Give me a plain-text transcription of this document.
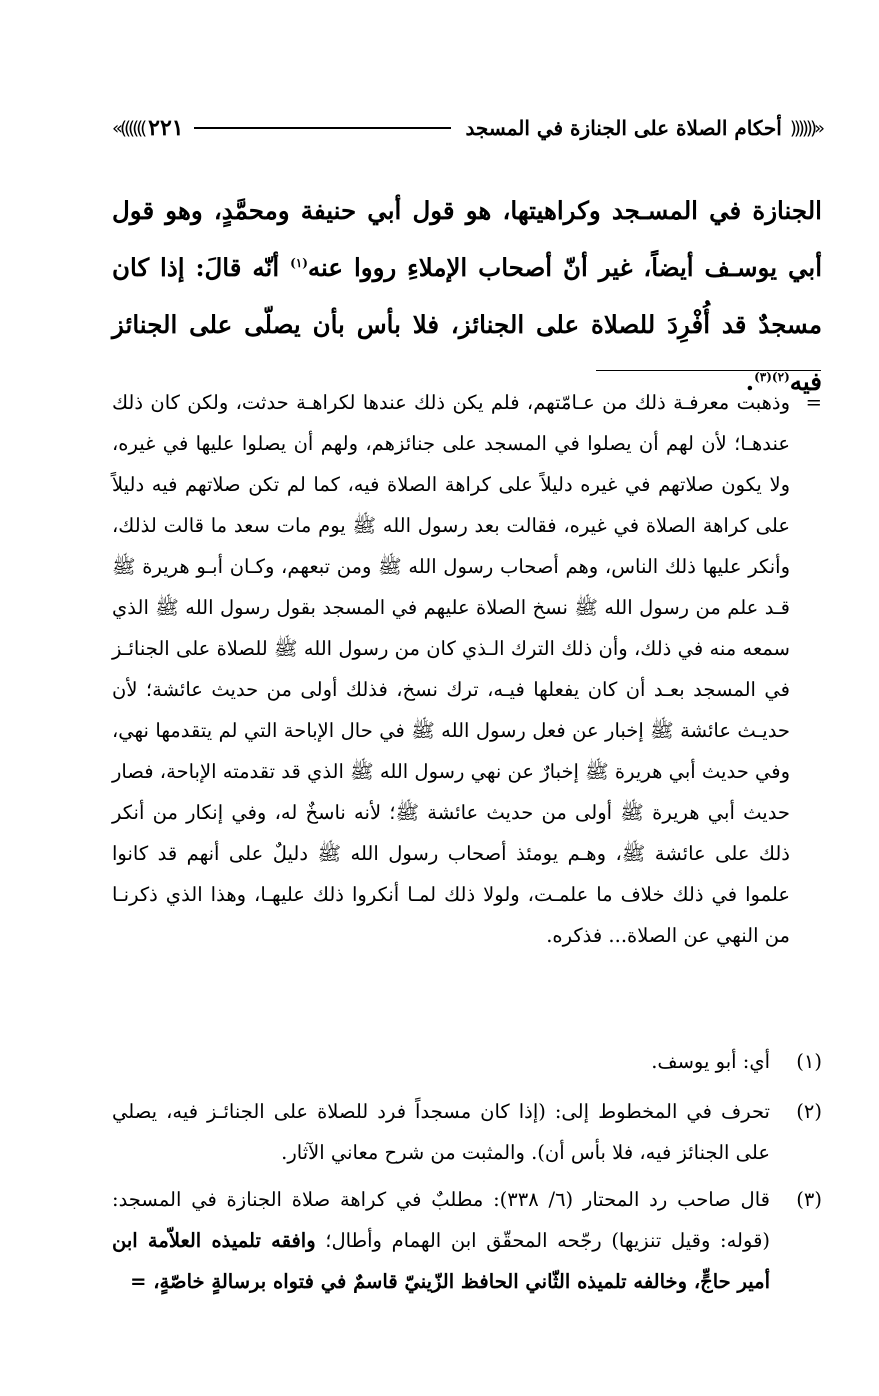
«((((((
أحكام الصلاة على الجنازة في المسجد
٢٢١
))))))»
الجنازة في المسـجد وكراهيتها، هو قول أبي حنيفة ومحمَّدٍ، وهو قول أبي يوسـف أيضاً، غير أنّ أصحاب الإملاءِ رووا عنه$^{(١)}$ أنّه قالَ: إذا كان مسجدٌ قد أُفْرِدَ للصلاة على الجنائز، فلا بأس بأن يصلّى على الجنائز فيه$^{(٢)(٣)}$.
=
وذهبت معرفـة ذلك من عـامّتهم، فلم يكن ذلك عندها لكراهـة حدثت، ولكن كان ذلك عندهـا؛ لأن لهم أن يصلوا في المسجد على جنائزهم، ولهم أن يصلوا عليها في غيره، ولا يكون صلاتهم في غيره دليلاً على كراهة الصلاة فيه، كما لم تكن صلاتهم فيه دليلاً على كراهة الصلاة في غيره، فقالت بعد رسول الله ﷺ يوم مات سعد ما قالت لذلك، وأنكر عليها ذلك الناس، وهم أصحاب رسول الله ﷺ ومن تبعهم، وكـان أبـو هريرة ﷺ قـد علم من رسول الله ﷺ نسخ الصلاة عليهم في المسجد بقول رسول الله ﷺ الذي سمعه منه في ذلك، وأن ذلك الترك الـذي كان من رسول الله ﷺ للصلاة على الجنائـز في المسجد بعـد أن كان يفعلها فيـه، ترك نسخ، فذلك أولى من حديث عائشة؛ لأن حديـث عائشة ﷺ إخبار عن فعل رسول الله ﷺ في حال الإباحة التي لم يتقدمها نهي، وفي حديث أبي هريرة ﷺ إخبارٌ عن نهي رسول الله ﷺ الذي قد تقدمته الإباحة، فصار حديث أبي هريرة ﷺ أولى من حديث عائشة ﷺ؛ لأنه ناسخٌ له، وفي إنكار من أنكر ذلك على عائشة ﷺ، وهـم يومئذ أصحاب رسول الله ﷺ دليلٌ على أنهم قد كانوا علموا في ذلك خلاف ما علمـت، ولولا ذلك لمـا أنكروا ذلك عليهـا، وهذا الذي ذكرنـا من النهي عن الصلاة... فذكره.
(١)
أي: أبو يوسف.
(٢)
تحرف في المخطوط إلى: (إذا كان مسجداً فرد للصلاة على الجنائـز فيه، يصلي على الجنائز فيه، فلا بأس أن). والمثبت من شرح معاني الآثار.
(٣)
قال صاحب رد المحتار (٦/ ٣٣٨): مطلبٌ في كراهة صلاة الجنازة في المسجد: (قوله: وقيل تنزيها) رجّحه المحقّق ابن الهمام وأطال؛ وافقه تلميذه العلاّمة ابن أمير حاجٍّ، وخالفه تلميذه الثّاني الحافظ الزّينيّ قاسمٌ في فتواه برسالةٍ خاصّةٍ، =
